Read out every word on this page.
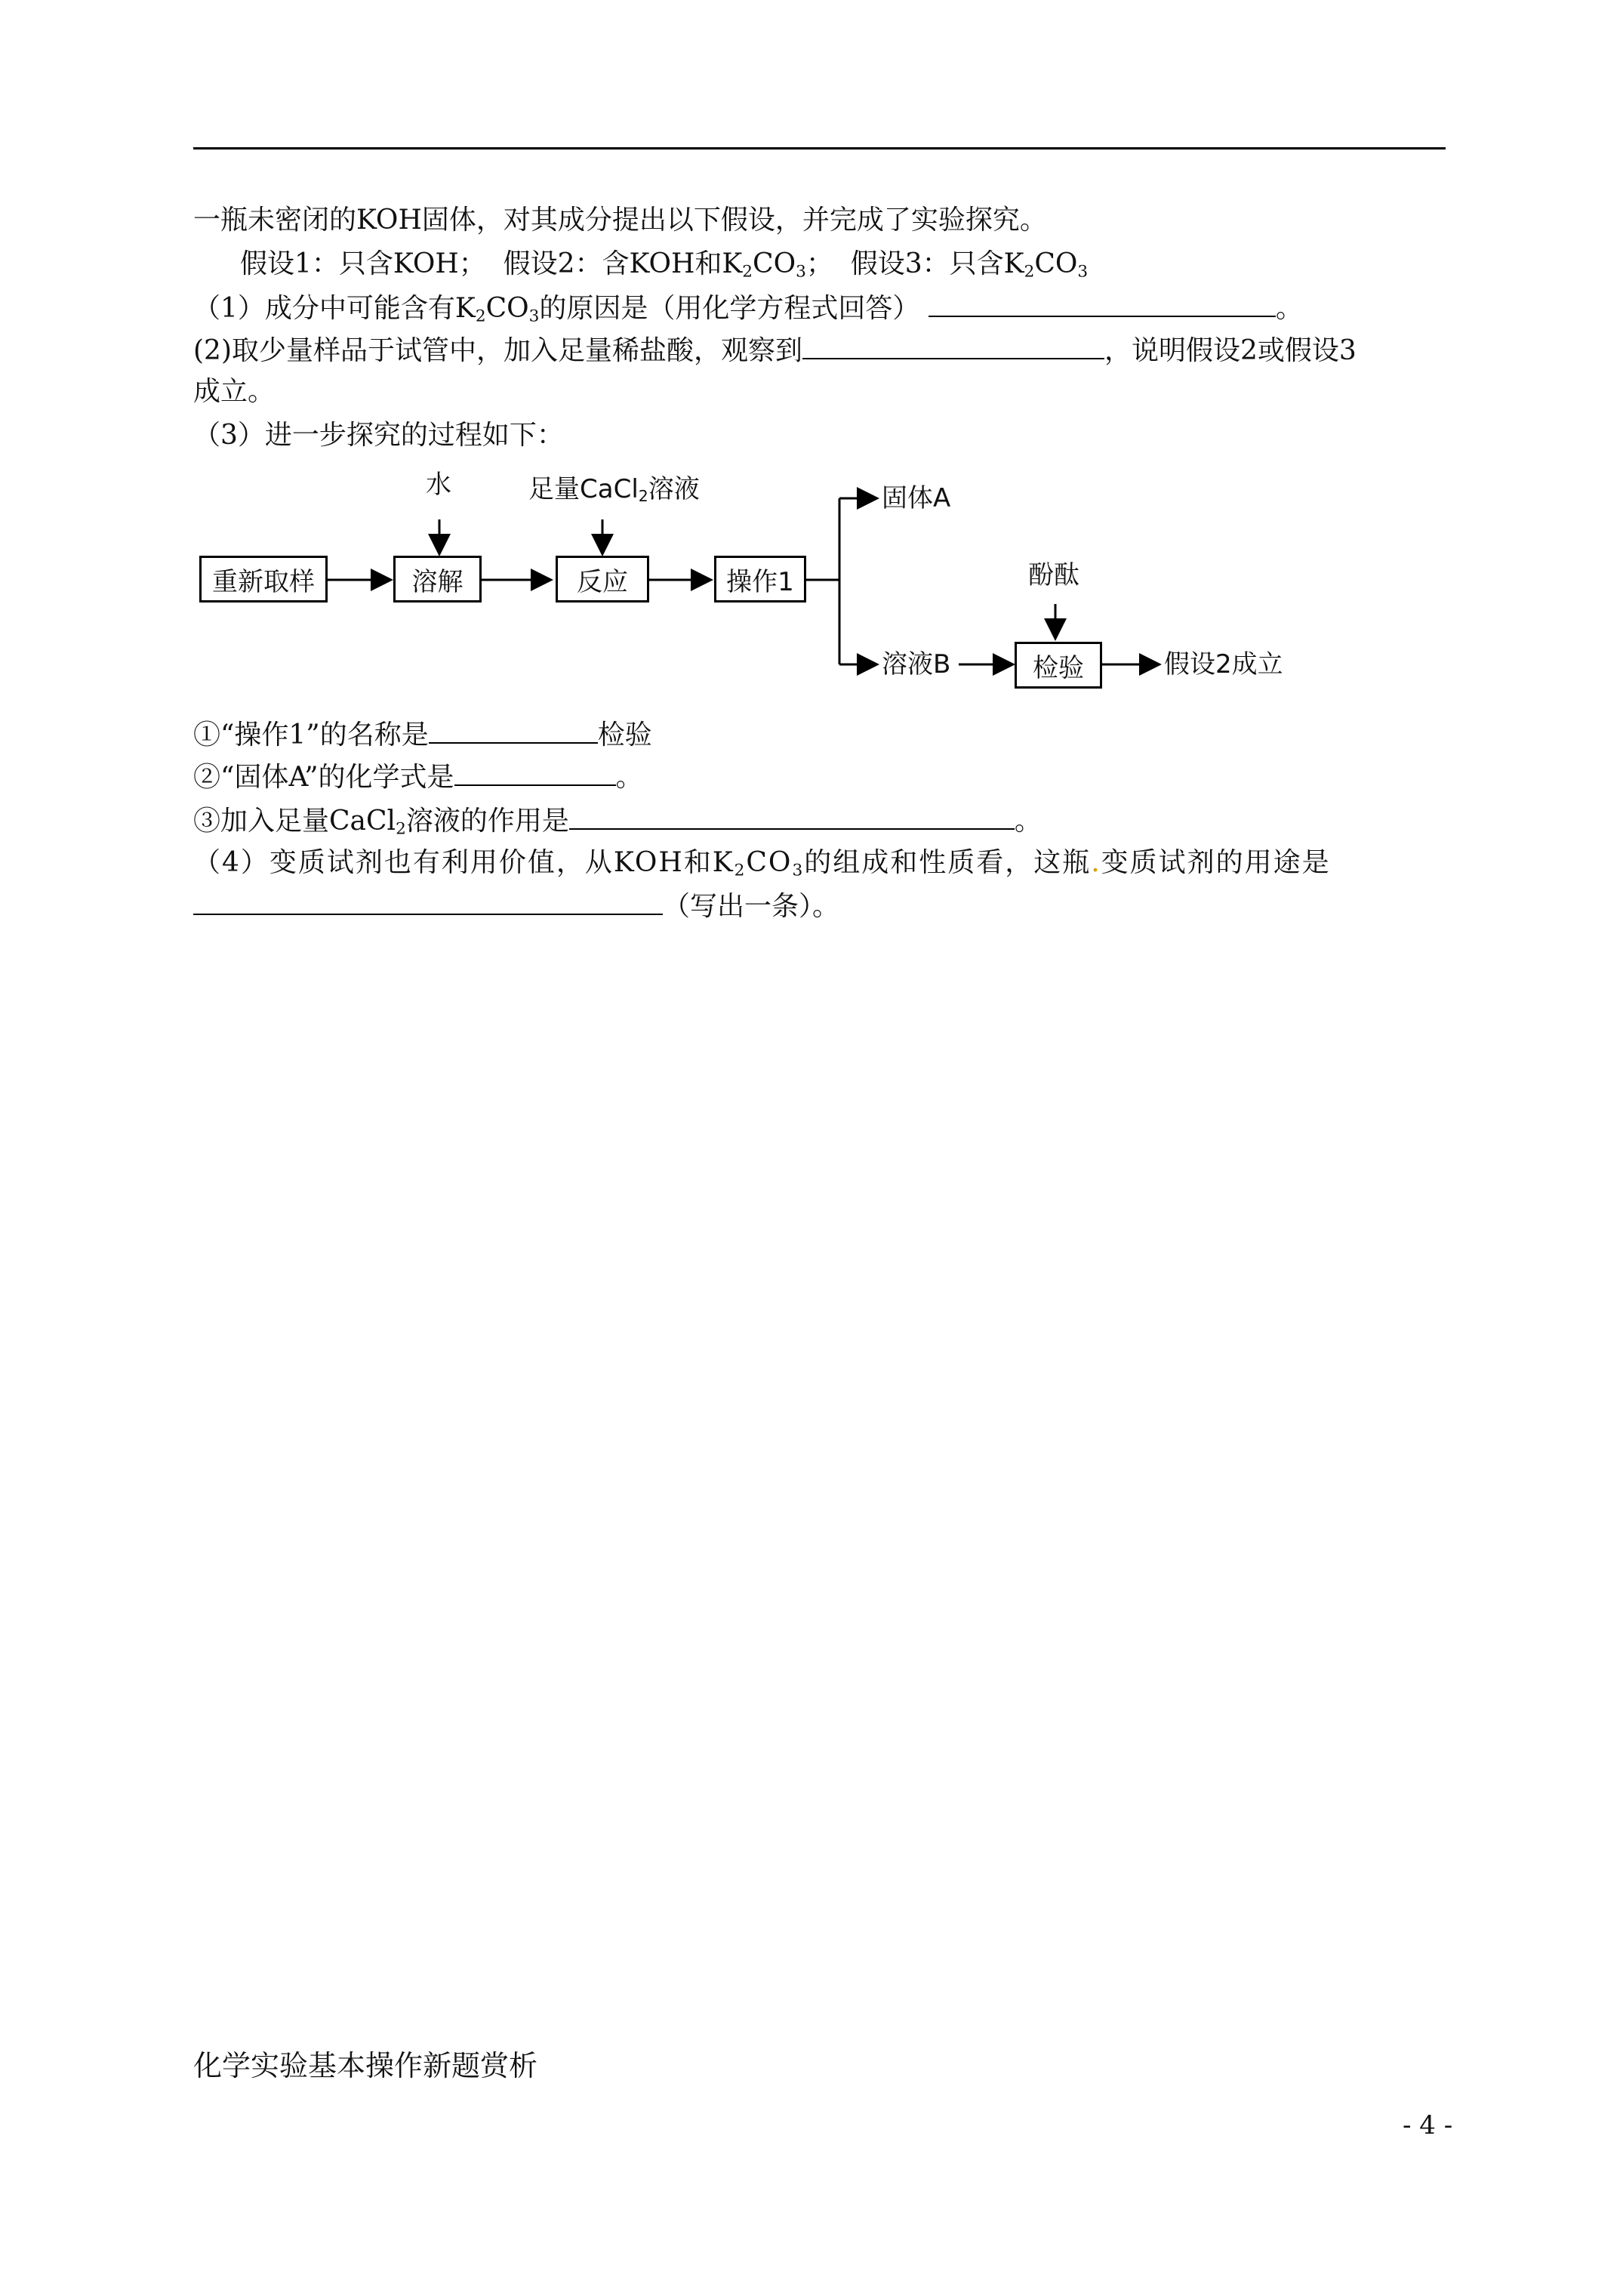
一瓶未密闭的KOH固体，对其成分提出以下假设，并完成了实验探究。
假设1：只含KOH； 假设2：含KOH和$K_2CO_3$； 假设3：只含$K_2CO_3$
（1）成分中可能含有$K_2CO_3$的原因是（用化学方程式回答）	。
(2)取少量样品于试管中，加入足量稀盐酸，观察到	，说明假设2或假设3
成立。
（3）进一步探究的过程如下：
重新取样	溶解	反应	操作1
检验
水	足量CaCl$_2$溶液	固体A
溶液B
酚酞
假设2成立
①“操作1”的名称是	检验
②“固体A”的化学式是	。
③加入足量CaCl$_2$溶液的作用是	。
（4）变质试剂也有利用价值，从KOH和$K_2CO_3$的组成和性质看，这瓶.变质试剂的用途是
（写出一条）。
化学实验基本操作新题赏析
- 4 -
